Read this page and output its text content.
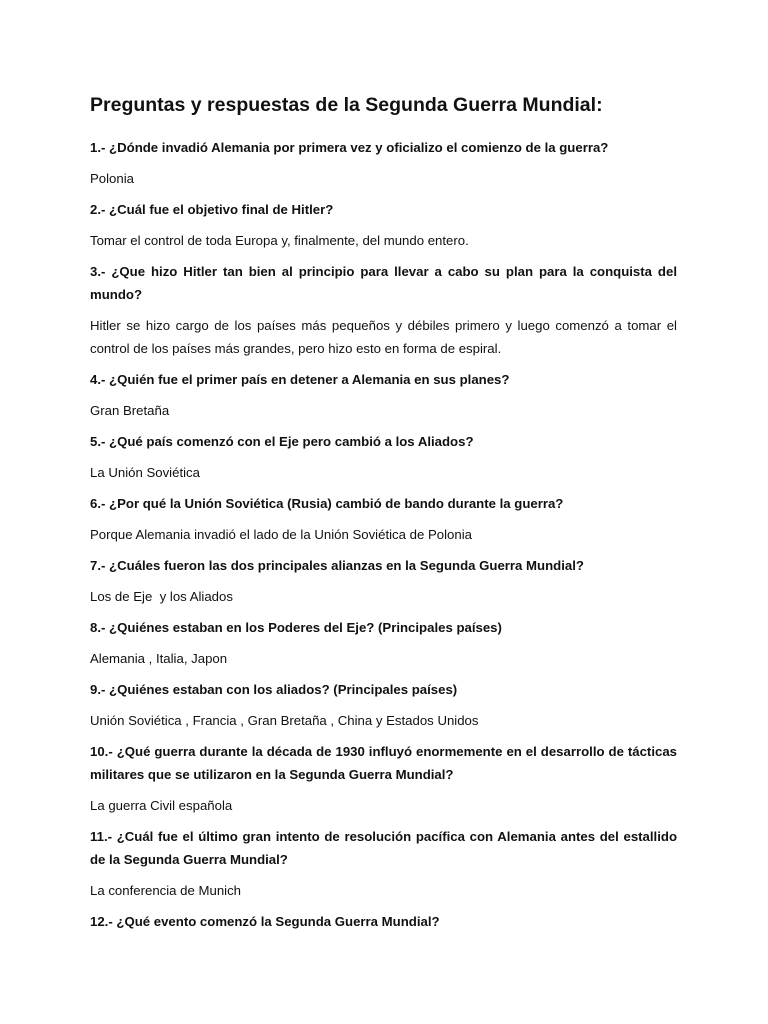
Preguntas y respuestas de la Segunda Guerra Mundial:

1.- ¿Dónde invadió Alemania por primera vez y oficializo el comienzo de la guerra?

Polonia

2.- ¿Cuál fue el objetivo final de Hitler?

Tomar el control de toda Europa y, finalmente, del mundo entero.

3.- ¿Que hizo Hitler tan bien al principio para llevar a cabo su plan para la conquista del mundo?

Hitler se hizo cargo de los países más pequeños y débiles primero y luego comenzó a tomar el control de los países más grandes, pero hizo esto en forma de espiral.

4.- ¿Quién fue el primer país en detener a Alemania en sus planes?

Gran Bretaña

5.- ¿Qué país comenzó con el Eje pero cambió a los Aliados?

La Unión Soviética

6.- ¿Por qué la Unión Soviética (Rusia) cambió de bando durante la guerra?

Porque Alemania invadió el lado de la Unión Soviética de Polonia

7.- ¿Cuáles fueron las dos principales alianzas en la Segunda Guerra Mundial?

Los de Eje  y los Aliados

8.- ¿Quiénes estaban en los Poderes del Eje? (Principales países)

Alemania , Italia, Japon

9.- ¿Quiénes estaban con los aliados? (Principales países)

Unión Soviética , Francia , Gran Bretaña , China y Estados Unidos

10.- ¿Qué guerra durante la década de 1930 influyó enormemente en el desarrollo de tácticas militares que se utilizaron en la Segunda Guerra Mundial?

La guerra Civil española

11.- ¿Cuál fue el último gran intento de resolución pacífica con Alemania antes del estallido de la Segunda Guerra Mundial?

La conferencia de Munich

12.- ¿Qué evento comenzó la Segunda Guerra Mundial?
